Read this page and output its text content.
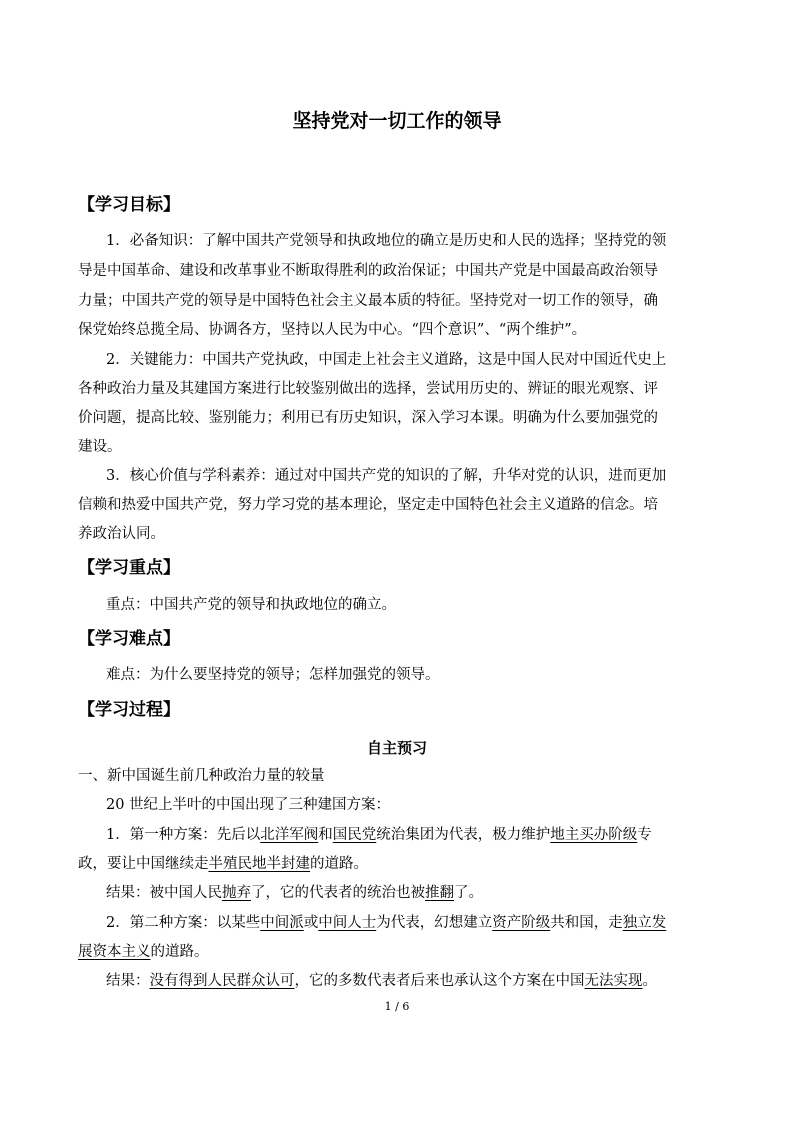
坚持党对一切工作的领导
【学习目标】
1．必备知识：了解中国共产党领导和执政地位的确立是历史和人民的选择；坚持党的领
导是中国革命、建设和改革事业不断取得胜利的政治保证；中国共产党是中国最高政治领导
力量；中国共产党的领导是中国特色社会主义最本质的特征。坚持党对一切工作的领导，确
保党始终总揽全局、协调各方，坚持以人民为中心。“四个意识”、“两个维护”。
2．关键能力：中国共产党执政，中国走上社会主义道路，这是中国人民对中国近代史上
各种政治力量及其建国方案进行比较鉴别做出的选择，尝试用历史的、辨证的眼光观察、评
价问题，提高比较、鉴别能力；利用已有历史知识，深入学习本课。明确为什么要加强党的
建设。
3．核心价值与学科素养：通过对中国共产党的知识的了解，升华对党的认识，进而更加
信赖和热爱中国共产党，努力学习党的基本理论，坚定走中国特色社会主义道路的信念。培
养政治认同。
【学习重点】
重点：中国共产党的领导和执政地位的确立。
【学习难点】
难点：为什么要坚持党的领导；怎样加强党的领导。
【学习过程】
自主预习
一、新中国诞生前几种政治力量的较量
20 世纪上半叶的中国出现了三种建国方案：
1．第一种方案：先后以北洋军阀和国民党统治集团为代表，极力维护地主买办阶级专
政，要让中国继续走半殖民地半封建的道路。
结果：被中国人民抛弃了，它的代表者的统治也被推翻了。
2．第二种方案：以某些中间派或中间人士为代表，幻想建立资产阶级共和国，走独立发
展资本主义的道路。
结果：没有得到人民群众认可，它的多数代表者后来也承认这个方案在中国无法实现。
1 / 6
